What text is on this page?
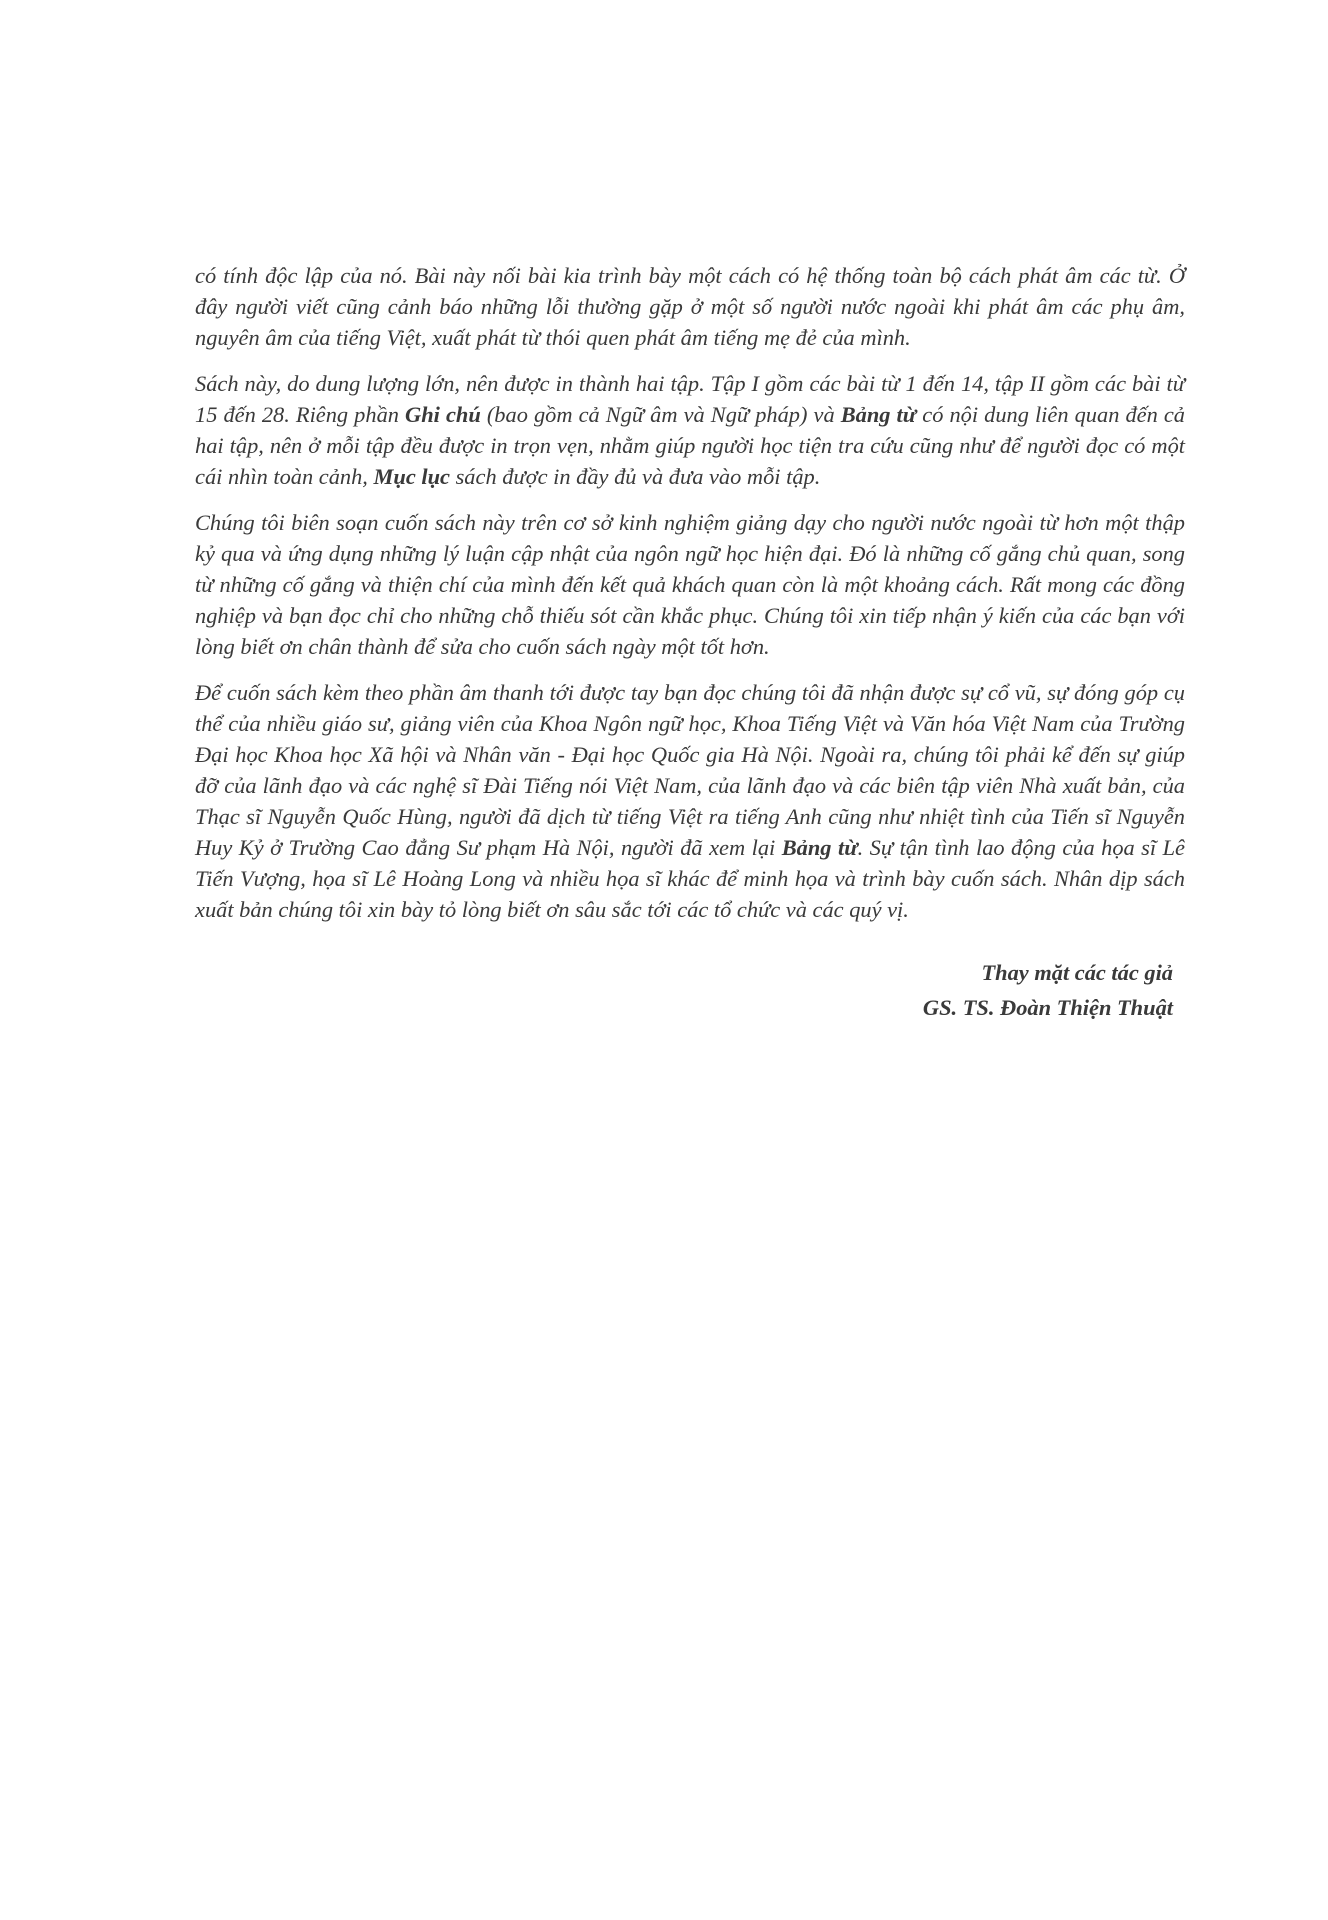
có tính độc lập của nó. Bài này nối bài kia trình bày một cách có hệ thống toàn bộ cách phát âm các từ. Ở đây người viết cũng cảnh báo những lỗi thường gặp ở một số người nước ngoài khi phát âm các phụ âm, nguyên âm của tiếng Việt, xuất phát từ thói quen phát âm tiếng mẹ đẻ của mình.

Sách này, do dung lượng lớn, nên được in thành hai tập. Tập I gồm các bài từ 1 đến 14, tập II gồm các bài từ 15 đến 28. Riêng phần Ghi chú (bao gồm cả Ngữ âm và Ngữ pháp) và Bảng từ có nội dung liên quan đến cả hai tập, nên ở mỗi tập đều được in trọn vẹn, nhằm giúp người học tiện tra cứu cũng như để người đọc có một cái nhìn toàn cảnh, Mục lục sách được in đầy đủ và đưa vào mỗi tập.

Chúng tôi biên soạn cuốn sách này trên cơ sở kinh nghiệm giảng dạy cho người nước ngoài từ hơn một thập kỷ qua và ứng dụng những lý luận cập nhật của ngôn ngữ học hiện đại. Đó là những cố gắng chủ quan, song từ những cố gắng và thiện chí của mình đến kết quả khách quan còn là một khoảng cách. Rất mong các đồng nghiệp và bạn đọc chỉ cho những chỗ thiếu sót cần khắc phục. Chúng tôi xin tiếp nhận ý kiến của các bạn với lòng biết ơn chân thành để sửa cho cuốn sách ngày một tốt hơn.

Để cuốn sách kèm theo phần âm thanh tới được tay bạn đọc chúng tôi đã nhận được sự cổ vũ, sự đóng góp cụ thể của nhiều giáo sư, giảng viên của Khoa Ngôn ngữ học, Khoa Tiếng Việt và Văn hóa Việt Nam của Trường Đại học Khoa học Xã hội và Nhân văn - Đại học Quốc gia Hà Nội. Ngoài ra, chúng tôi phải kể đến sự giúp đỡ của lãnh đạo và các nghệ sĩ Đài Tiếng nói Việt Nam, của lãnh đạo và các biên tập viên Nhà xuất bản, của Thạc sĩ Nguyễn Quốc Hùng, người đã dịch từ tiếng Việt ra tiếng Anh cũng như nhiệt tình của Tiến sĩ Nguyễn Huy Kỷ ở Trường Cao đẳng Sư phạm Hà Nội, người đã xem lại Bảng từ. Sự tận tình lao động của họa sĩ Lê Tiến Vượng, họa sĩ Lê Hoàng Long và nhiều họa sĩ khác để minh họa và trình bày cuốn sách. Nhân dịp sách xuất bản chúng tôi xin bày tỏ lòng biết ơn sâu sắc tới các tổ chức và các quý vị.

Thay mặt các tác giả
GS. TS. Đoàn Thiện Thuật
